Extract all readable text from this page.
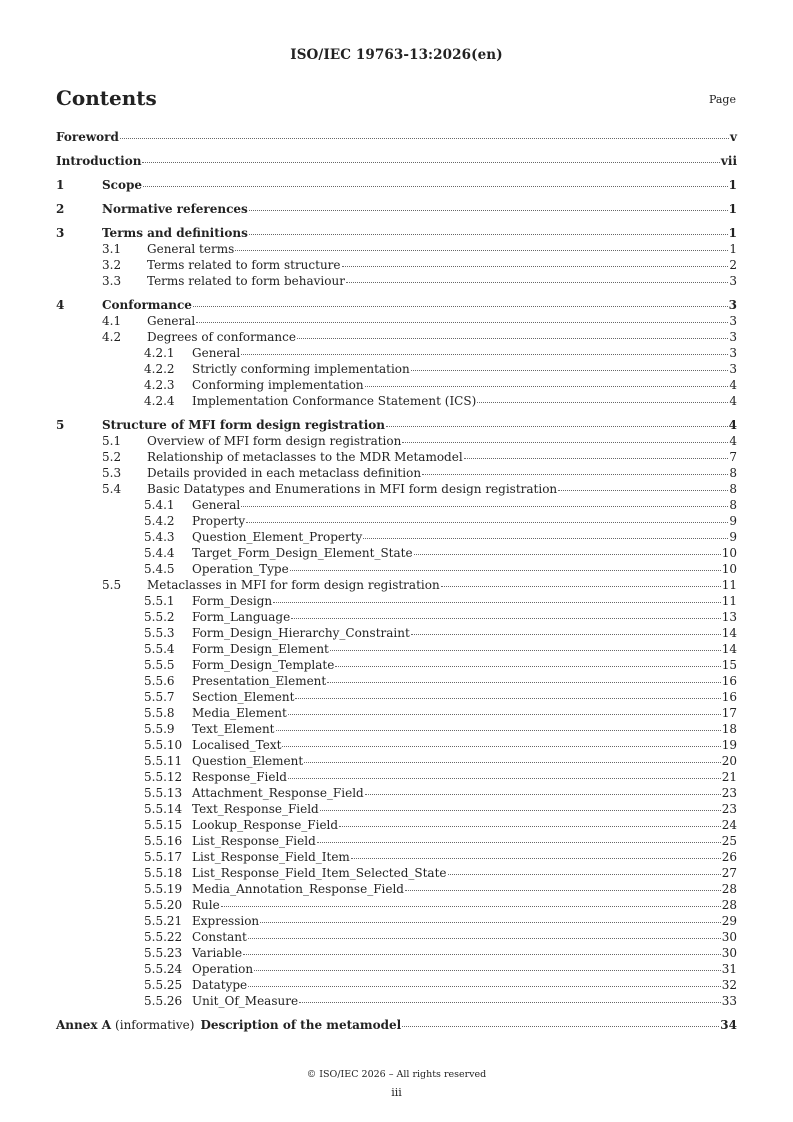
ISO/IEC 19763-13:2026(en)
Contents	Page
Foreword	v
Introduction	vii
1	Scope	1
2	Normative references	1
3	Terms and definitions	1
3.1	General terms	1
3.2	Terms related to form structure	2
3.3	Terms related to form behaviour	3
4	Conformance	3
4.1	General	3
4.2	Degrees of conformance	3
4.2.1	General	3
4.2.2	Strictly conforming implementation	3
4.2.3	Conforming implementation	4
4.2.4	Implementation Conformance Statement (ICS)	4
5	Structure of MFI form design registration	4
5.1	Overview of MFI form design registration	4
5.2	Relationship of metaclasses to the MDR Metamodel	7
5.3	Details provided in each metaclass definition	8
5.4	Basic Datatypes and Enumerations in MFI form design registration	8
5.4.1	General	8
5.4.2	Property	9
5.4.3	Question_Element_Property	9
5.4.4	Target_Form_Design_Element_State	10
5.4.5	Operation_Type	10
5.5	Metaclasses in MFI for form design registration	11
5.5.1	Form_Design	11
5.5.2	Form_Language	13
5.5.3	Form_Design_Hierarchy_Constraint	14
5.5.4	Form_Design_Element	14
5.5.5	Form_Design_Template	15
5.5.6	Presentation_Element	16
5.5.7	Section_Element	16
5.5.8	Media_Element	17
5.5.9	Text_Element	18
5.5.10 Localised_Text	19
5.5.11 Question_Element	20
5.5.12 Response_Field	21
5.5.13 Attachment_Response_Field	23
5.5.14 Text_Response_Field	23
5.5.15 Lookup_Response_Field	24
5.5.16 List_Response_Field	25
5.5.17 List_Response_Field_Item	26
5.5.18 List_Response_Field_Item_Selected_State	27
5.5.19 Media_Annotation_Response_Field	28
5.5.20 Rule	28
5.5.21 Expression	29
5.5.22 Constant	30
5.5.23 Variable	30
5.5.24 Operation	31
5.5.25 Datatype	32
5.5.26 Unit_Of_Measure	33
Annex A (informative) Description of the metamodel	34
© ISO/IEC 2026 – All rights reserved
iii
